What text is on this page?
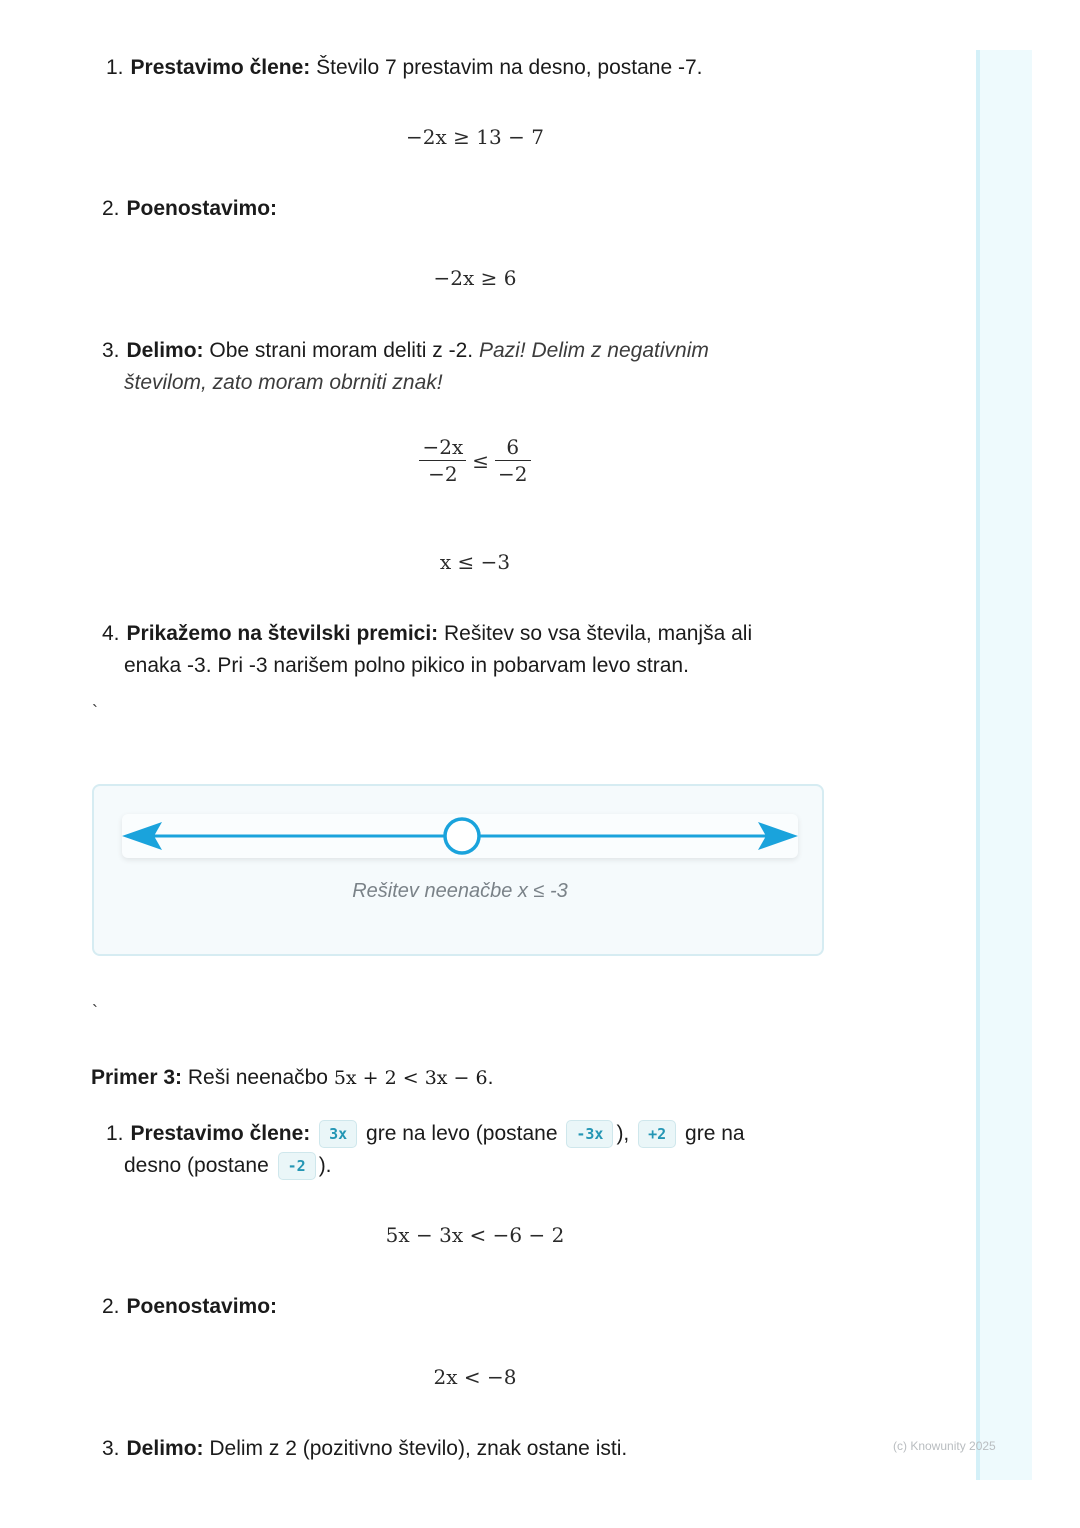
(c) Knowunity 2025
1. Prestavimo člene: Število 7 prestavim na desno, postane -7.
−2x ≥ 13 − 7
2. Poenostavimo:
−2x ≥ 6
3. Delimo: Obe strani moram deliti z -2. Pazi! Delim z negativnim
številom, zato moram obrniti znak!
$\frac{-2x}{-2} \le \frac{6}{-2}$
x ≤ −3
4. Prikažemo na številski premici: Rešitev so vsa števila, manjša ali
enaka -3. Pri -3 narišem polno pikico in pobarvam levo stran.
`
Rešitev neenačbe x ≤ -3
`
Primer 3: Reši neenačbo 5x + 2 < 3x − 6.
1. Prestavimo člene: 3x gre na levo (postane -3x ), +2 gre na
desno (postane -2 ).
5x − 3x < −6 − 2
2. Poenostavimo:
2x < −8
3. Delimo: Delim z 2 (pozitivno število), znak ostane isti.
